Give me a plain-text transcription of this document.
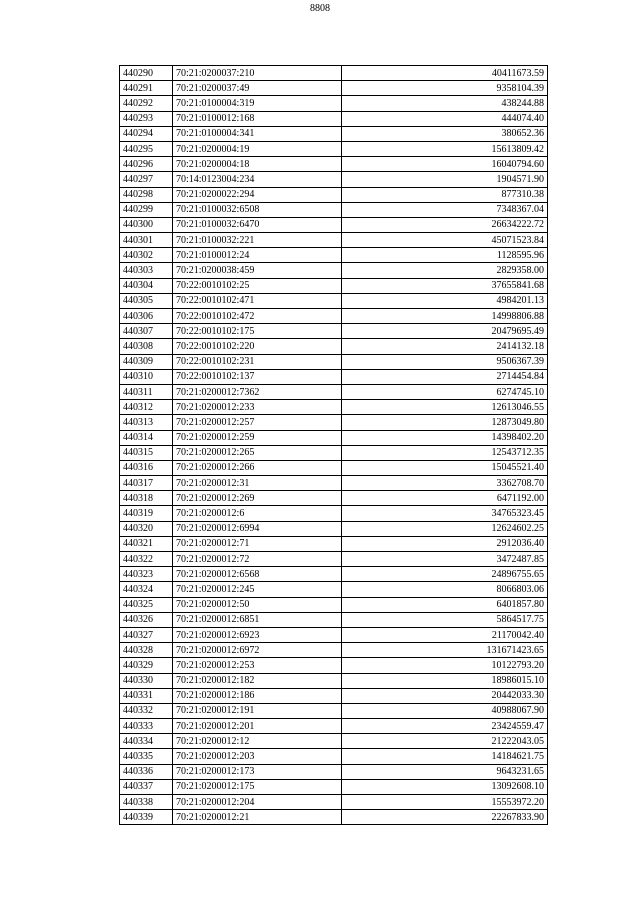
8808
440290	70:21:0200037:210	40411673.59
440291	70:21:0200037:49	9358104.39
440292	70:21:0100004:319	438244.88
440293	70:21:0100012:168	444074.40
440294	70:21:0100004:341	380652.36
440295	70:21:0200004:19	15613809.42
440296	70:21:0200004:18	16040794.60
440297	70:14:0123004:234	1904571.90
440298	70:21:0200022:294	877310.38
440299	70:21:0100032:6508	7348367.04
440300	70:21:0100032:6470	26634222.72
440301	70:21:0100032:221	45071523.84
440302	70:21:0100012:24	1128595.96
440303	70:21:0200038:459	2829358.00
440304	70:22:0010102:25	37655841.68
440305	70:22:0010102:471	4984201.13
440306	70:22:0010102:472	14998806.88
440307	70:22:0010102:175	20479695.49
440308	70:22:0010102:220	2414132.18
440309	70:22:0010102:231	9506367.39
440310	70:22:0010102:137	2714454.84
440311	70:21:0200012:7362	6274745.10
440312	70:21:0200012:233	12613046.55
440313	70:21:0200012:257	12873049.80
440314	70:21:0200012:259	14398402.20
440315	70:21:0200012:265	12543712.35
440316	70:21:0200012:266	15045521.40
440317	70:21:0200012:31	3362708.70
440318	70:21:0200012:269	6471192.00
440319	70:21:0200012:6	34765323.45
440320	70:21:0200012:6994	12624602.25
440321	70:21:0200012:71	2912036.40
440322	70:21:0200012:72	3472487.85
440323	70:21:0200012:6568	24896755.65
440324	70:21:0200012:245	8066803.06
440325	70:21:0200012:50	6401857.80
440326	70:21:0200012:6851	5864517.75
440327	70:21:0200012:6923	21170042.40
440328	70:21:0200012:6972	131671423.65
440329	70:21:0200012:253	10122793.20
440330	70:21:0200012:182	18986015.10
440331	70:21:0200012:186	20442033.30
440332	70:21:0200012:191	40988067.90
440333	70:21:0200012:201	23424559.47
440334	70:21:0200012:12	21222043.05
440335	70:21:0200012:203	14184621.75
440336	70:21:0200012:173	9643231.65
440337	70:21:0200012:175	13092608.10
440338	70:21:0200012:204	15553972.20
440339	70:21:0200012:21	22267833.90
